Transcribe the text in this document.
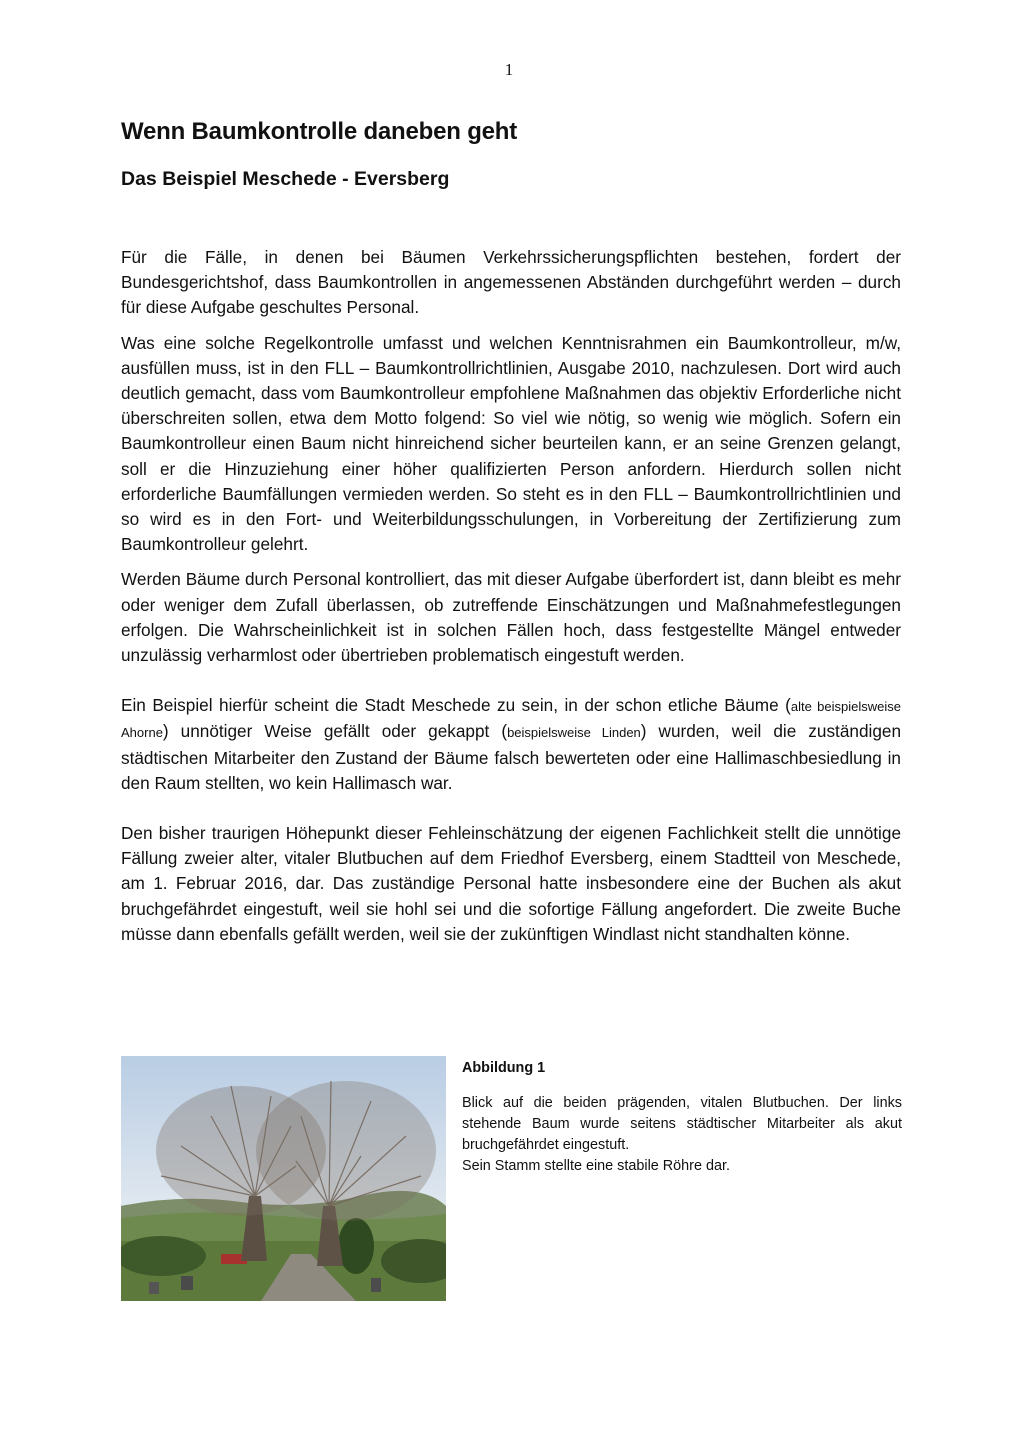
1
Wenn Baumkontrolle daneben geht
Das Beispiel Meschede - Eversberg

Für die Fälle, in denen bei Bäumen Verkehrssicherungspflichten bestehen, fordert der Bundesgerichtshof, dass Baumkontrollen in angemessenen Abständen durchgeführt werden – durch für diese Aufgabe geschultes Personal.

Was eine solche Regelkontrolle umfasst und welchen Kenntnisrahmen ein Baumkontrolleur, m/w, ausfüllen muss, ist in den FLL – Baumkontrollrichtlinien, Ausgabe 2010, nachzulesen. Dort wird auch deutlich gemacht, dass vom Baumkontrolleur empfohlene Maßnahmen das objektiv Erforderliche nicht überschreiten sollen, etwa dem Motto folgend: So viel wie nötig, so wenig wie möglich. Sofern ein Baumkontrolleur einen Baum nicht hinreichend sicher beurteilen kann, er an seine Grenzen gelangt, soll er die Hinzuziehung einer höher qualifizierten Person anfordern. Hierdurch sollen nicht erforderliche Baumfällungen vermieden werden. So steht es in den FLL – Baumkontrollrichtlinien und so wird es in den Fort- und Weiterbildungsschulungen, in Vorbereitung der Zertifizierung zum Baumkontrolleur gelehrt.

Werden Bäume durch Personal kontrolliert, das mit dieser Aufgabe überfordert ist, dann bleibt es mehr oder weniger dem Zufall überlassen, ob zutreffende Einschätzungen und Maßnahmefestlegungen erfolgen. Die Wahrscheinlichkeit ist in solchen Fällen hoch, dass festgestellte Mängel entweder unzulässig verharmlost oder übertrieben problematisch eingestuft werden.

Ein Beispiel hierfür scheint die Stadt Meschede zu sein, in der schon etliche Bäume (alte beispielsweise Ahorne) unnötiger Weise gefällt oder gekappt (beispielsweise Linden) wurden, weil die zuständigen städtischen Mitarbeiter den Zustand der Bäume falsch bewerteten oder eine Hallimaschbesiedlung in den Raum stellten, wo kein Hallimasch war.

Den bisher traurigen Höhepunkt dieser Fehleinschätzung der eigenen Fachlichkeit stellt die unnötige Fällung zweier alter, vitaler Blutbuchen auf dem Friedhof Eversberg, einem Stadtteil von Meschede, am 1. Februar 2016, dar. Das zuständige Personal hatte insbesondere eine der Buchen als akut bruchgefährdet eingestuft, weil sie hohl sei und die sofortige Fällung angefordert. Die zweite Buche müsse dann ebenfalls gefällt werden, weil sie der zukünftigen Windlast nicht standhalten könne.

Abbildung 1
Blick auf die beiden prägenden, vitalen Blutbuchen. Der links stehende Baum wurde seitens städtischer Mitarbeiter als akut bruchgefährdet eingestuft.
Sein Stamm stellte eine stabile Röhre dar.
